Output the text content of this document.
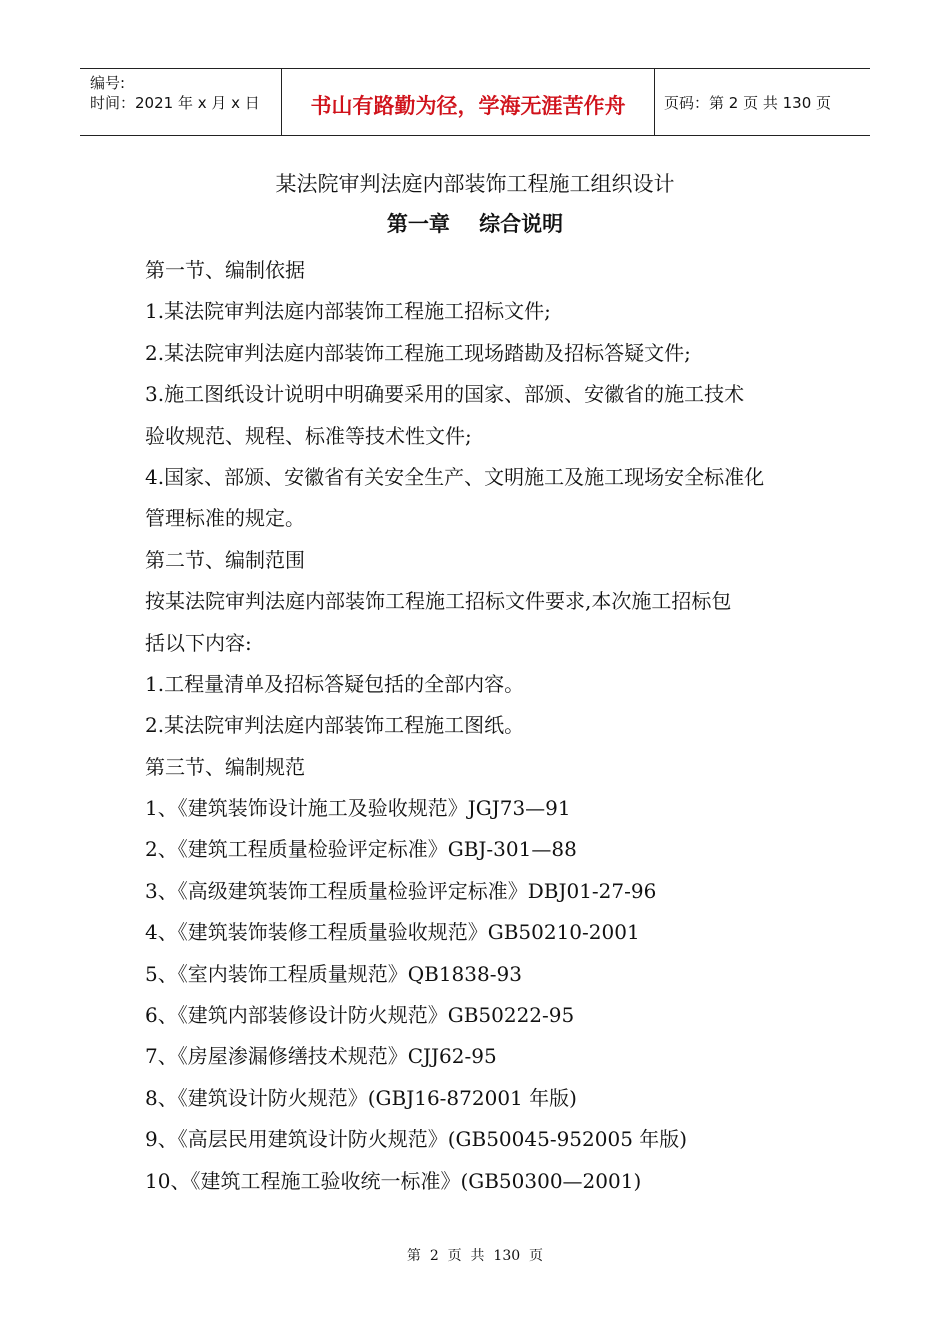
编号:
时间：2021 年 x 月 x 日	书山有路勤为径，学海无涯苦作舟	页码：第 2 页 共 130 页
某法院审判法庭内部装饰工程施工组织设计
第一章    综合说明
第一节、编制依据
1.某法院审判法庭内部装饰工程施工招标文件;
2.某法院审判法庭内部装饰工程施工现场踏勘及招标答疑文件;
3.施工图纸设计说明中明确要采用的国家、部颁、安徽省的施工技术
验收规范、规程、标准等技术性文件;
4.国家、部颁、安徽省有关安全生产、文明施工及施工现场安全标准化
管理标准的规定。
第二节、编制范围
按某法院审判法庭内部装饰工程施工招标文件要求,本次施工招标包
括以下内容:
1.工程量清单及招标答疑包括的全部内容。
2.某法院审判法庭内部装饰工程施工图纸。
第三节、编制规范
1、《建筑装饰设计施工及验收规范》JGJ73—91
2、《建筑工程质量检验评定标准》GBJ-301—88
3、《高级建筑装饰工程质量检验评定标准》DBJ01-27-96
4、《建筑装饰装修工程质量验收规范》GB50210-2001
5、《室内装饰工程质量规范》QB1838-93
6、《建筑内部装修设计防火规范》GB50222-95
7、《房屋渗漏修缮技术规范》CJJ62-95
8、《建筑设计防火规范》(GBJ16-872001 年版)
9、《高层民用建筑设计防火规范》(GB50045-952005 年版)
10、《建筑工程施工验收统一标准》(GB50300—2001)
第  2  页  共  130  页
